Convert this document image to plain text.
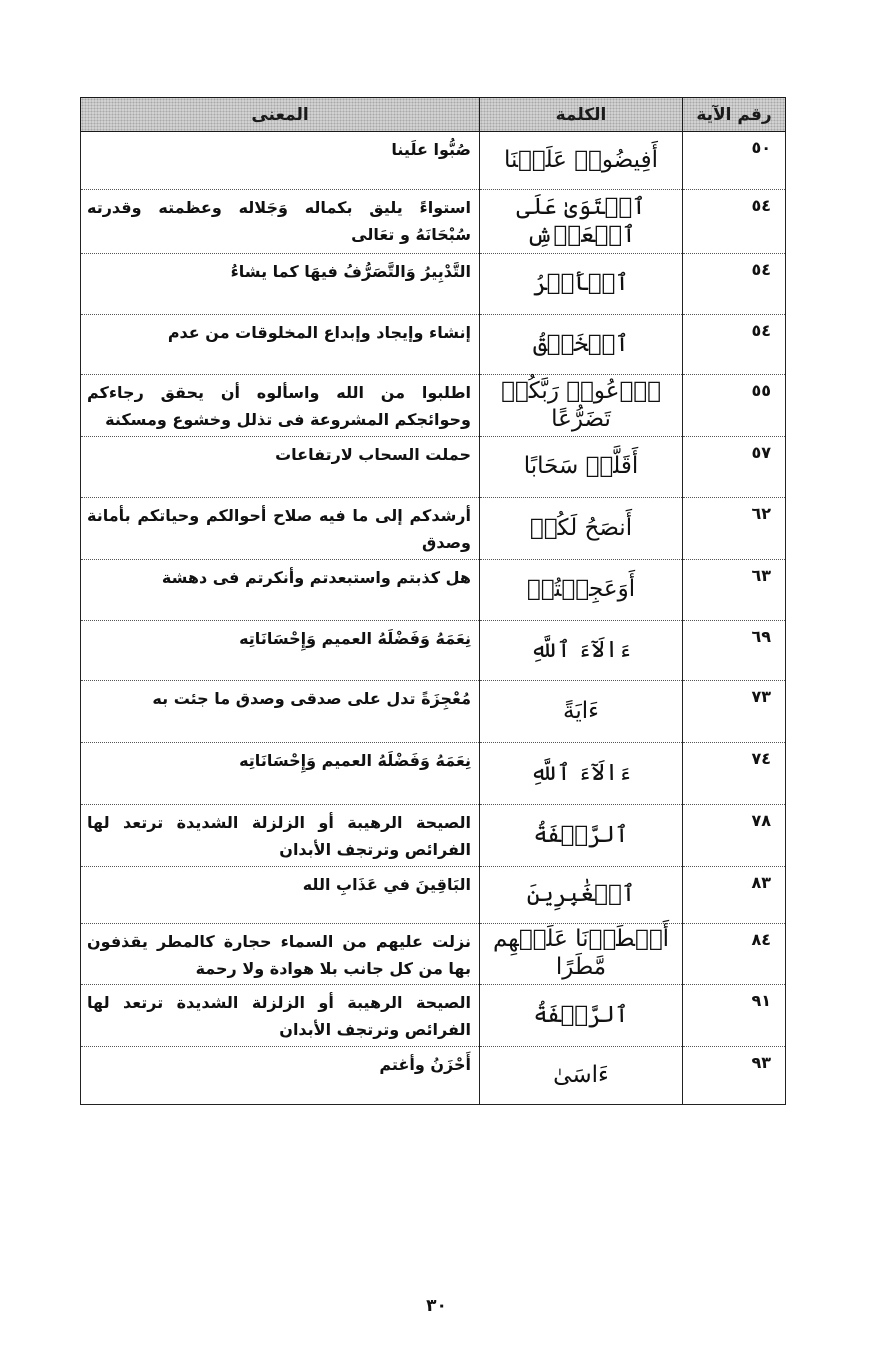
رقم الآية	الكلمة	المعنى
٥٠	أَفِيضُوا۟ عَلَيۡنَا	صُبُّوا علَينا
٥٤	ٱسۡتَوَىٰ عَلَى ٱلۡعَرۡشِ	استواءً يليق بكماله وَجَلاله وعظمته وقدرته سُبْحَانَهُ و تعَالى
٥٤	ٱلۡأَمۡرُ	التَّدْبِيرُ وَالتَّصَرُّفُ فيهَا كما يشاءُ
٥٤	ٱلۡخَلۡقُ	إنشاء وإيجاد وإبداع المخلوقات من عدم
٥٥	ٱدۡعُوا۟ رَبَّكُمۡ تَضَرُّعًا	اطلبوا من الله واسألوه أن يحقق رجاءكم وحوائجكم المشروعة فى تذلل وخشوع ومسكنة
٥٧	أَقَلَّتۡ سَحَابًا	حملت السحاب لارتفاعات
٦٢	أَنصَحُ لَكُمۡ	أرشدكم إلى ما فيه صلاح أحوالكم وحياتكم بأمانة وصدق
٦٣	أَوَعَجِبۡتُمۡ	هل كذبتم واستبعدتم وأنكرتم فى دهشة
٦٩	ءَالَآءَ ٱللَّهِ	نِعَمَهُ وَفَضْلَهُ العميم وَإِحْسَانَاتِه
٧٣	ءَايَةً	مُعْجِزَةً تدل على صدقى وصدق ما جئت به
٧٤	ءَالَآءَ ٱللَّهِ	نِعَمَهُ وَفَضْلَهُ العميم وَإِحْسَانَاتِه
٧٨	ٱلرَّجۡفَةُ	الصيحة الرهيبة أو الزلزلة الشديدة ترتعد لها الفرائص وترتجف الأبدان
٨٣	ٱلۡغَٰبِرِينَ	البَاقِينَ في عَذَابِ الله
٨٤	أَمۡطَرۡنَا عَلَيۡهِم مَّطَرًا	نزلت عليهم من السماء حجارة كالمطر يقذفون بها من كل جانب بلا هوادة ولا رحمة
٩١	ٱلرَّجۡفَةُ	الصيحة الرهيبة أو الزلزلة الشديدة ترتعد لها الفرائص وترتجف الأبدان
٩٣	ءَاسَىٰ	أَحْزَنُ وأغتم
٣٠
